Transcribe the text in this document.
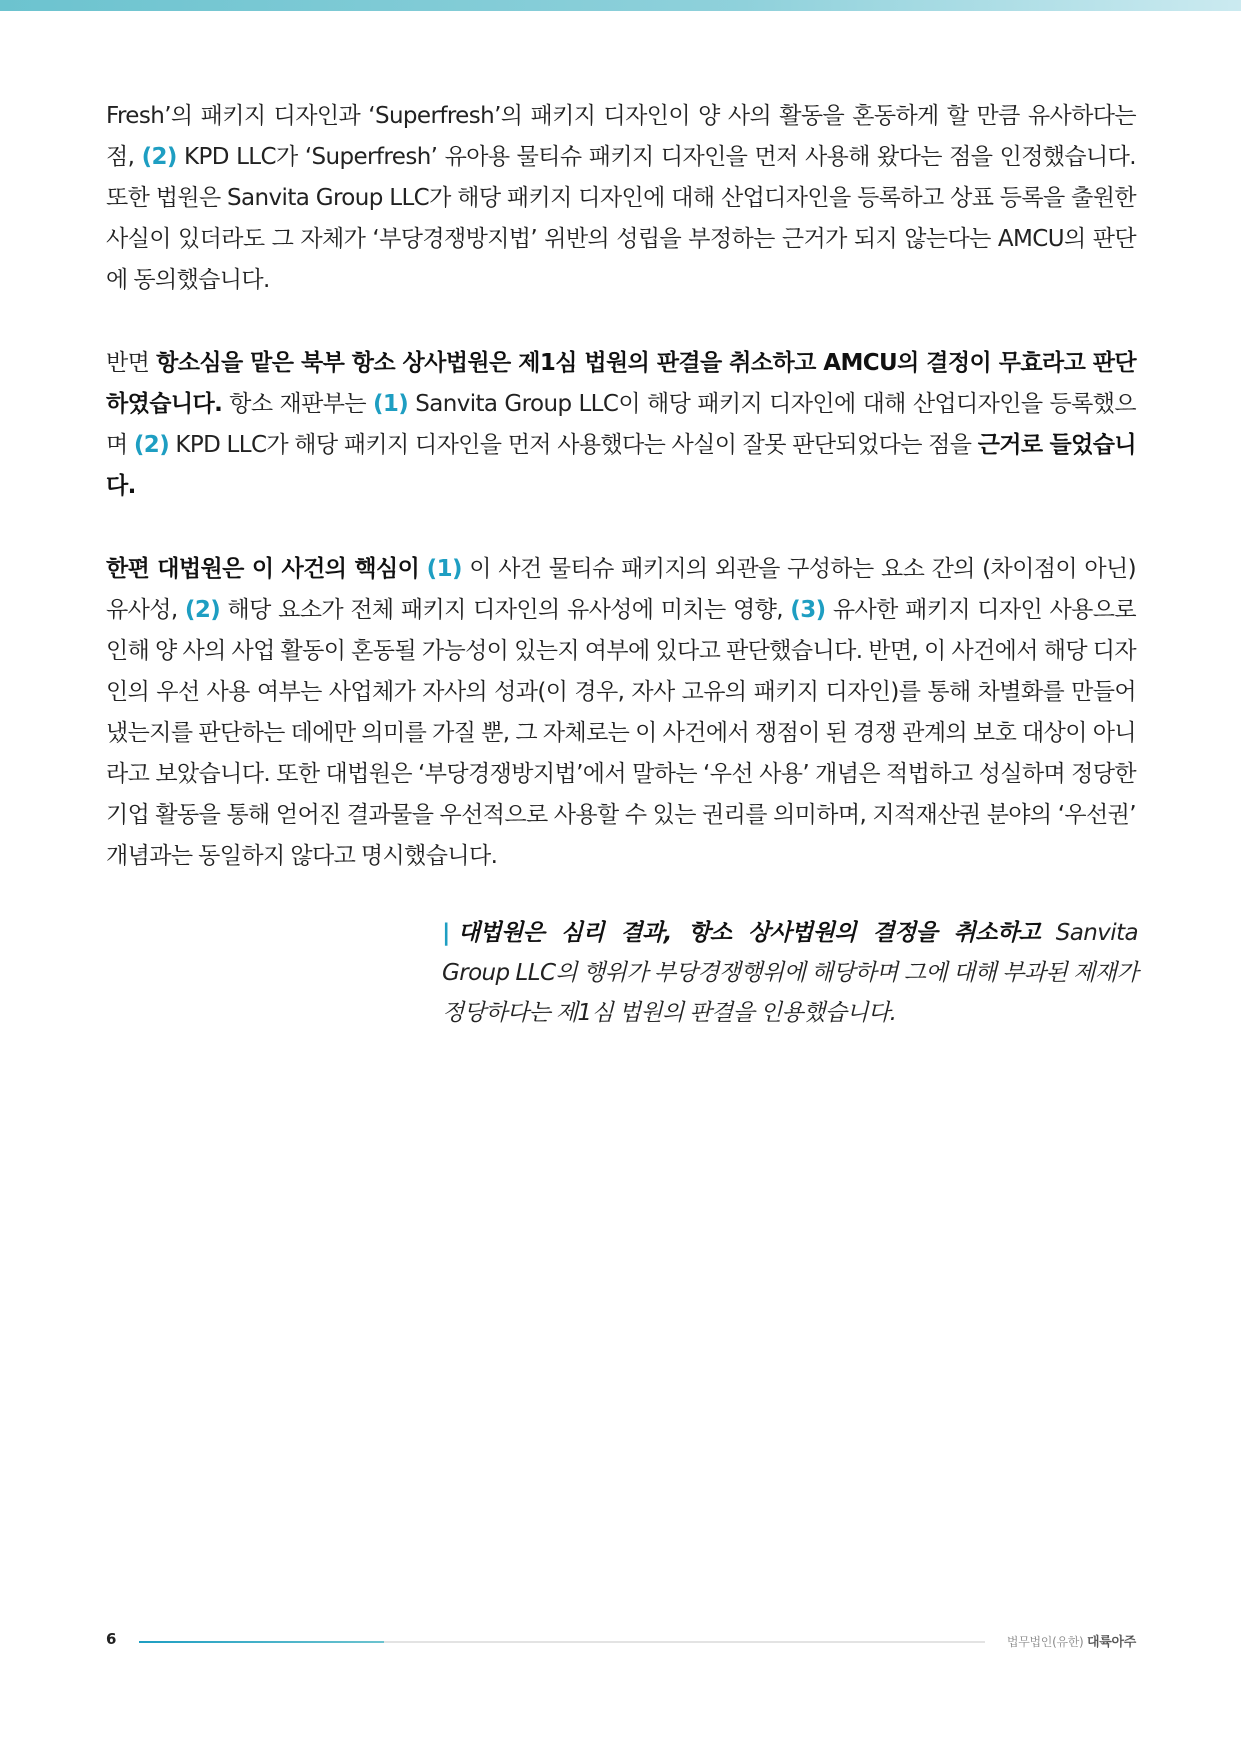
Fresh’의 패키지 디자인과 ‘Superfresh’의 패키지 디자인이 양 사의 활동을 혼동하게 할 만큼 유사하다는 점, (2) KPD LLC가 ‘Superfresh’ 유아용 물티슈 패키지 디자인을 먼저 사용해 왔다는 점을 인정했습니다. 또한 법원은 Sanvita Group LLC가 해당 패키지 디자인에 대해 산업디자인을 등록하고 상표 등록을 출원한 사실이 있더라도 그 자체가 ‘부당경쟁방지법’ 위반의 성립을 부정하는 근거가 되지 않는다는 AMCU의 판단에 동의했습니다.

반면 항소심을 맡은 북부 항소 상사법원은 제1심 법원의 판결을 취소하고 AMCU의 결정이 무효라고 판단하였습니다. 항소 재판부는 (1) Sanvita Group LLC이 해당 패키지 디자인에 대해 산업디자인을 등록했으며 (2) KPD LLC가 해당 패키지 디자인을 먼저 사용했다는 사실이 잘못 판단되었다는 점을 근거로 들었습니다.

한편 대법원은 이 사건의 핵심이 (1) 이 사건 물티슈 패키지의 외관을 구성하는 요소 간의 (차이점이 아닌) 유사성, (2) 해당 요소가 전체 패키지 디자인의 유사성에 미치는 영향, (3) 유사한 패키지 디자인 사용으로 인해 양 사의 사업 활동이 혼동될 가능성이 있는지 여부에 있다고 판단했습니다. 반면, 이 사건에서 해당 디자인의 우선 사용 여부는 사업체가 자사의 성과(이 경우, 자사 고유의 패키지 디자인)를 통해 차별화를 만들어냈는지를 판단하는 데에만 의미를 가질 뿐, 그 자체로는 이 사건에서 쟁점이 된 경쟁 관계의 보호 대상이 아니라고 보았습니다. 또한 대법원은 ‘부당경쟁방지법’에서 말하는 ‘우선 사용’ 개념은 적법하고 성실하며 정당한 기업 활동을 통해 얻어진 결과물을 우선적으로 사용할 수 있는 권리를 의미하며, 지적재산권 분야의 ‘우선권’ 개념과는 동일하지 않다고 명시했습니다.

| 대법원은 심리 결과, 항소 상사법원의 결정을 취소하고 Sanvita Group LLC의 행위가 부당경쟁행위에 해당하며 그에 대해 부과된 제재가 정당하다는 제1심 법원의 판결을 인용했습니다.
6	법무법인(유한) 대륙아주
